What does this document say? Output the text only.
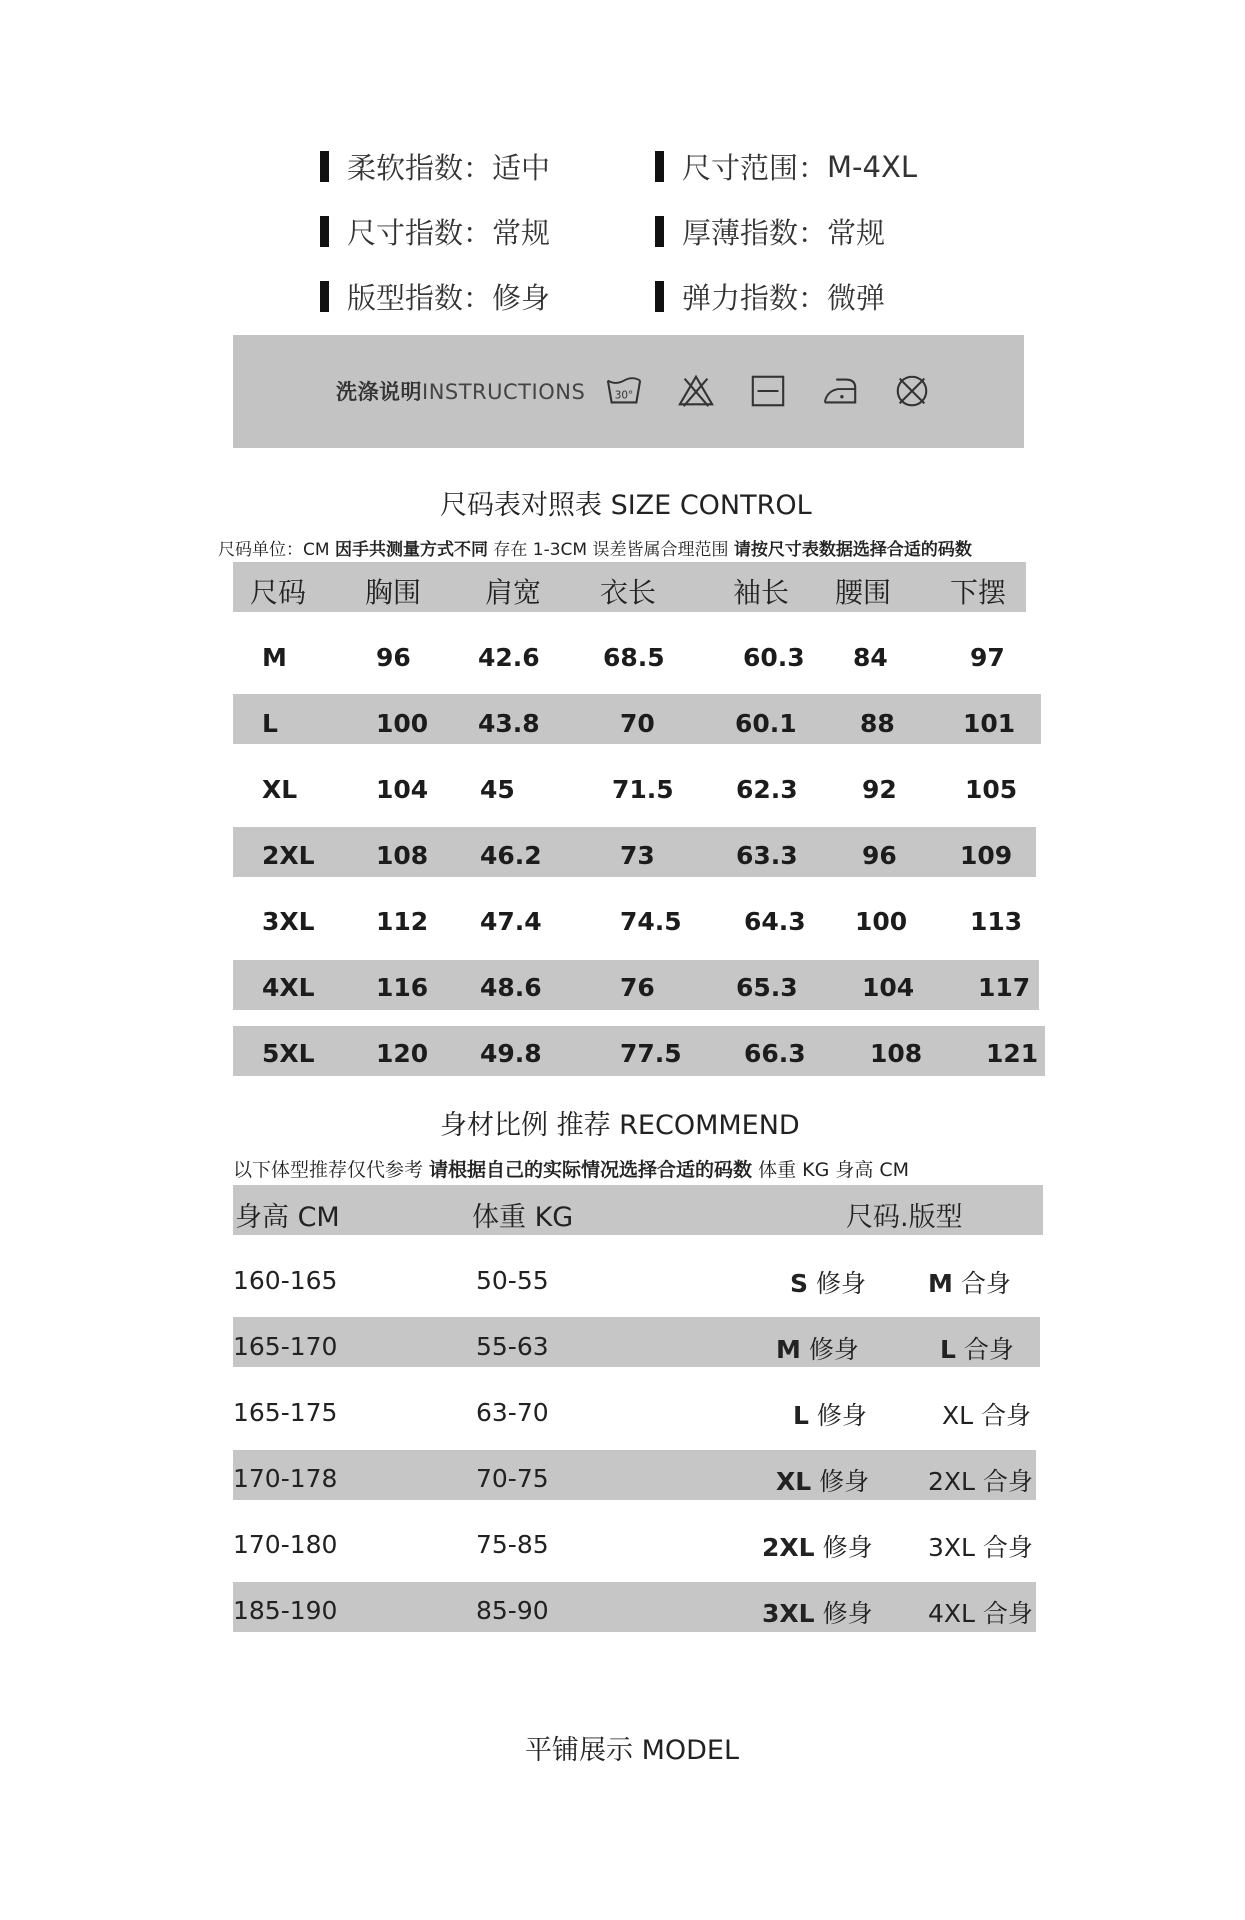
柔软指数： 适中	尺寸范围： M-4XL
尺寸指数： 常规	厚薄指数： 常规
版型指数： 修身	弹力指数： 微弹
洗涤说明INSTRUCTIONS	30°
尺码表对照表 SIZE CONTROL
尺码单位：CM 因手共测量方式不同 存在 1-3CM 误差皆属合理范围 请按尺寸表数据选择合适的码数
尺码 胸围 肩宽 衣长	袖长 腰围 下摆
M	96	42.6	68.5	60.3 84	97
L	100 43.8	70	60.1	88	101
XL	104 45	71.5 62.3	92	105
2XL 108 46.2	73	63.3	96	109
3XL 112 47.4	74.5 64.3 100	113
4XL 116 48.6	76	65.3	104	117
5XL 120 49.8	77.5 66.3	108	121
身材比例 推荐 RECOMMEND
以下体型推荐仅代参考 请根据自己的实际情况选择合适的码数 体重 KG 身高 CM
身高 CM	体重 KG	尺码.版型
160-165	50-55	S 修身 M 合身
165-170	55-63	M 修身	L 合身
165-175	63-70	L 修身	XL 合身
170-178	70-75	XL 修身 2XL 合身
170-180	75-85	2XL 修身 3XL 合身
185-190	85-90	3XL 修身 4XL 合身
平铺展示 MODEL
